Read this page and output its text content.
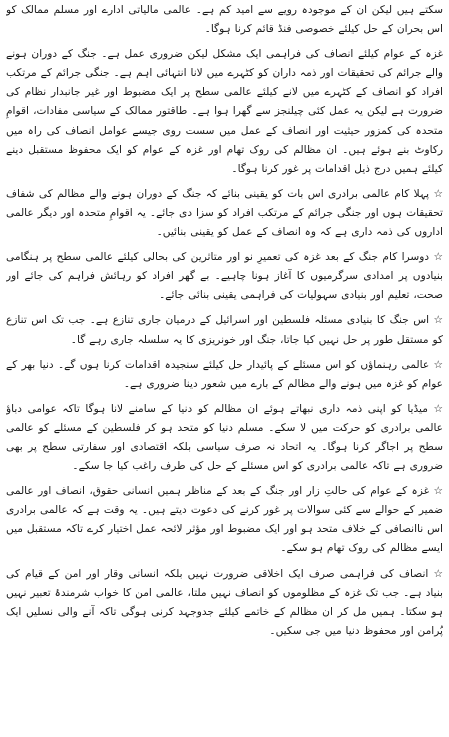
سکتے ہیں لیکن ان کے موجودہ رویے سے امید کم ہے۔ عالمی مالیاتی ادارے اور مسلم ممالک کو اس بحران کے حل کیلئے خصوصی فنڈ قائم کرنا ہوگا۔

غزہ کے عوام کیلئے انصاف کی فراہمی ایک مشکل لیکن ضروری عمل ہے۔ جنگ کے دوران ہونے والے جرائم کی تحقیقات اور ذمہ داران کو کٹہرے میں لانا انتہائی اہم ہے۔ جنگی جرائم کے مرتکب افراد کو انصاف کے کٹہرے میں لانے کیلئے عالمی سطح پر ایک مضبوط اور غیر جانبدار نظام کی ضرورت ہے لیکن یہ عمل کئی چیلنجز سے گھرا ہوا ہے۔ طاقتور ممالک کے سیاسی مفادات، اقوامِ متحدہ کی کمزور حیثیت اور انصاف کے عمل میں سست روی جیسے عوامل انصاف کی راہ میں رکاوٹ بنے ہوئے ہیں۔ ان مظالم کی روک تھام اور غزہ کے عوام کو ایک محفوظ مستقبل دینے کیلئے ہمیں درج ذیل اقدامات پر غور کرنا ہوگا۔

☆ پہلا کام عالمی برادری اس بات کو یقینی بنائے کہ جنگ کے دوران ہونے والے مظالم کی شفاف تحقیقات ہوں اور جنگی جرائم کے مرتکب افراد کو سزا دی جائے۔ یہ اقوامِ متحدہ اور دیگر عالمی اداروں کی ذمہ داری ہے کہ وہ انصاف کے عمل کو یقینی بنائیں۔

☆ دوسرا کام جنگ کے بعد غزہ کی تعمیرِ نو اور متاثرین کی بحالی کیلئے عالمی سطح پر ہنگامی بنیادوں پر امدادی سرگرمیوں کا آغاز ہونا چاہیے۔ بے گھر افراد کو رہائش فراہم کی جائے اور صحت، تعلیم اور بنیادی سہولیات کی فراہمی یقینی بنائی جائے۔

☆ اس جنگ کا بنیادی مسئلہ فلسطین اور اسرائیل کے درمیان جاری تنازع ہے۔ جب تک اس تنازع کو مستقل طور پر حل نہیں کیا جاتا، جنگ اور خونریزی کا یہ سلسلہ جاری رہے گا۔

☆ عالمی رہنماؤں کو اس مسئلے کے پائیدار حل کیلئے سنجیدہ اقدامات کرنا ہوں گے۔ دنیا بھر کے عوام کو غزہ میں ہونے والے مظالم کے بارے میں شعور دینا ضروری ہے۔

☆ میڈیا کو اپنی ذمہ داری نبھاتے ہوئے ان مظالم کو دنیا کے سامنے لانا ہوگا تاکہ عوامی دباؤ عالمی برادری کو حرکت میں لا سکے۔ مسلم دنیا کو متحد ہو کر فلسطین کے مسئلے کو عالمی سطح پر اجاگر کرنا ہوگا۔ یہ اتحاد نہ صرف سیاسی بلکہ اقتصادی اور سفارتی سطح پر بھی ضروری ہے تاکہ عالمی برادری کو اس مسئلے کے حل کی طرف راغب کیا جا سکے۔

☆ غزہ کے عوام کی حالتِ زار اور جنگ کے بعد کے مناظر ہمیں انسانی حقوق، انصاف اور عالمی ضمیر کے حوالے سے کئی سوالات پر غور کرنے کی دعوت دیتے ہیں۔ یہ وقت ہے کہ عالمی برادری اس ناانصافی کے خلاف متحد ہو اور ایک مضبوط اور مؤثر لائحہ عمل اختیار کرے تاکہ مستقبل میں ایسے مظالم کی روک تھام ہو سکے۔

☆ انصاف کی فراہمی صرف ایک اخلاقی ضرورت نہیں بلکہ انسانی وقار اور امن کے قیام کی بنیاد ہے۔ جب تک غزہ کے مظلوموں کو انصاف نہیں ملتا، عالمی امن کا خواب شرمندۂ تعبیر نہیں ہو سکتا۔ ہمیں مل کر ان مظالم کے خاتمے کیلئے جدوجہد کرنی ہوگی تاکہ آنے والی نسلیں ایک پُرامن اور محفوظ دنیا میں جی سکیں۔
